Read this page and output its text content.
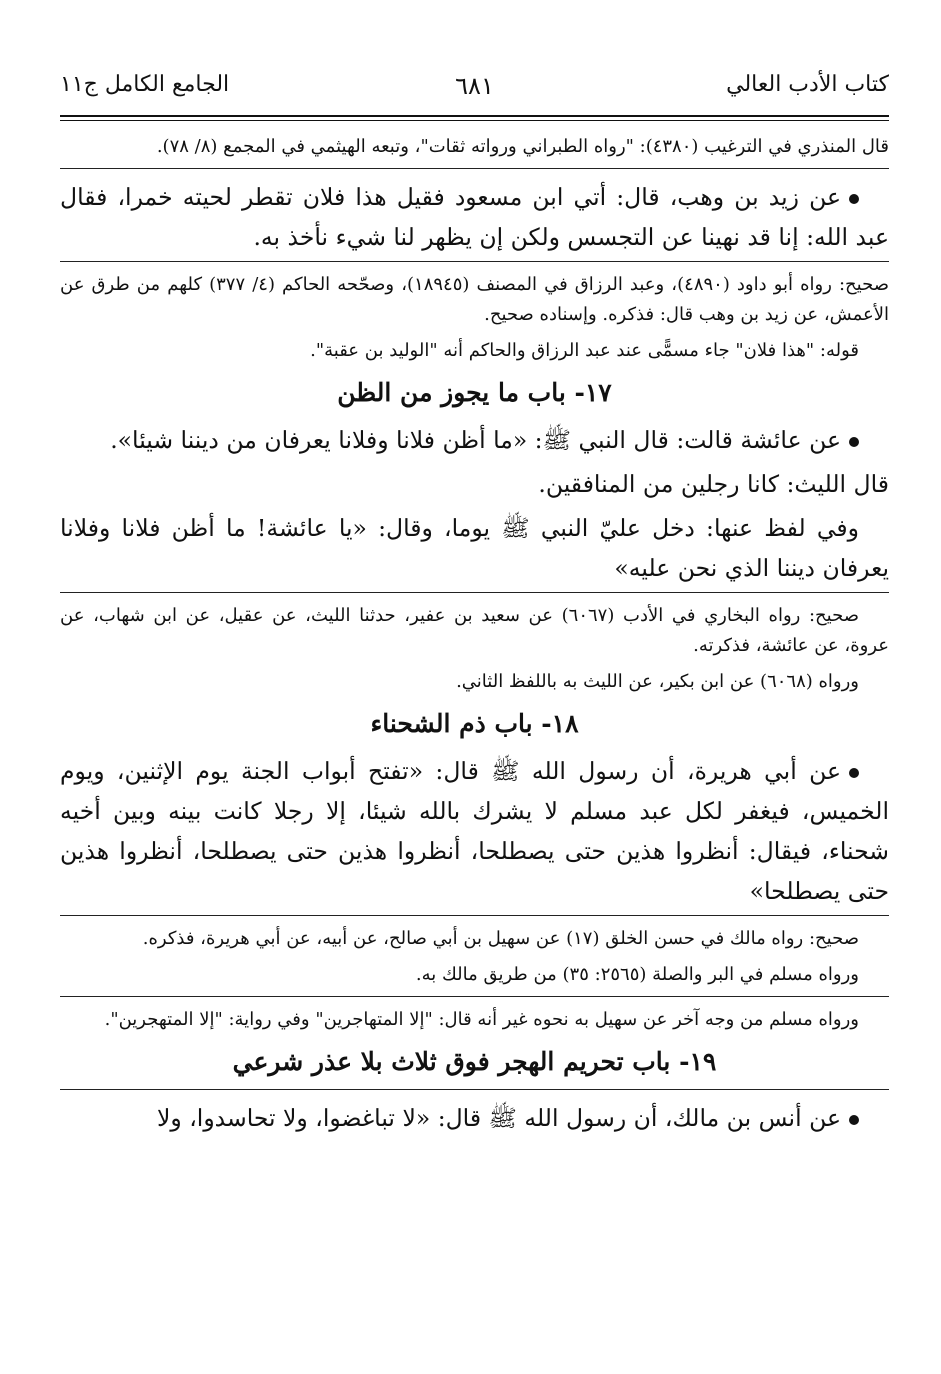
الجامع الكامل ج١١	٦٨١	كتاب الأدب العالي

قال المنذري في الترغيب (٤٣٨٠): "رواه الطبراني ورواته ثقات"، وتبعه الهيثمي في المجمع (٨/ ٧٨).

عن زيد بن وهب، قال: أتي ابن مسعود فقيل هذا فلان تقطر لحيته خمرا، فقال عبد الله: إنا قد نهينا عن التجسس ولكن إن يظهر لنا شيء نأخذ به.

صحيح: رواه أبو داود (٤٨٩٠)، وعبد الرزاق في المصنف (١٨٩٤٥)، وصحّحه الحاكم (٤/ ٣٧٧) كلهم من طرق عن الأعمش، عن زيد بن وهب قال: فذكره. وإسناده صحيح.

قوله: "هذا فلان" جاء مسمًّى عند عبد الرزاق والحاكم أنه "الوليد بن عقبة".

١٧- باب ما يجوز من الظن

عن عائشة قالت: قال النبي ﷺ: «ما أظن فلانا وفلانا يعرفان من ديننا شيئا».

قال الليث: كانا رجلين من المنافقين.

وفي لفظ عنها: دخل عليّ النبي ﷺ يوما، وقال: «يا عائشة! ما أظن فلانا وفلانا يعرفان ديننا الذي نحن عليه»

صحيح: رواه البخاري في الأدب (٦٠٦٧) عن سعيد بن عفير، حدثنا الليث، عن عقيل، عن ابن شهاب، عن عروة، عن عائشة، فذكرته.

ورواه (٦٠٦٨) عن ابن بكير، عن الليث به باللفظ الثاني.

١٨- باب ذم الشحناء

عن أبي هريرة، أن رسول الله ﷺ قال: «تفتح أبواب الجنة يوم الإثنين، ويوم الخميس، فيغفر لكل عبد مسلم لا يشرك بالله شيئا، إلا رجلا كانت بينه وبين أخيه شحناء، فيقال: أنظروا هذين حتى يصطلحا، أنظروا هذين حتى يصطلحا، أنظروا هذين حتى يصطلحا»

صحيح: رواه مالك في حسن الخلق (١٧) عن سهيل بن أبي صالح، عن أبيه، عن أبي هريرة، فذكره.

ورواه مسلم في البر والصلة (٢٥٦٥: ٣٥) من طريق مالك به.

ورواه مسلم من وجه آخر عن سهيل به نحوه غير أنه قال: "إلا المتهاجرين" وفي رواية: "إلا المتهجرين".

١٩- باب تحريم الهجر فوق ثلاث بلا عذر شرعي

عن أنس بن مالك، أن رسول الله ﷺ قال: «لا تباغضوا، ولا تحاسدوا، ولا
